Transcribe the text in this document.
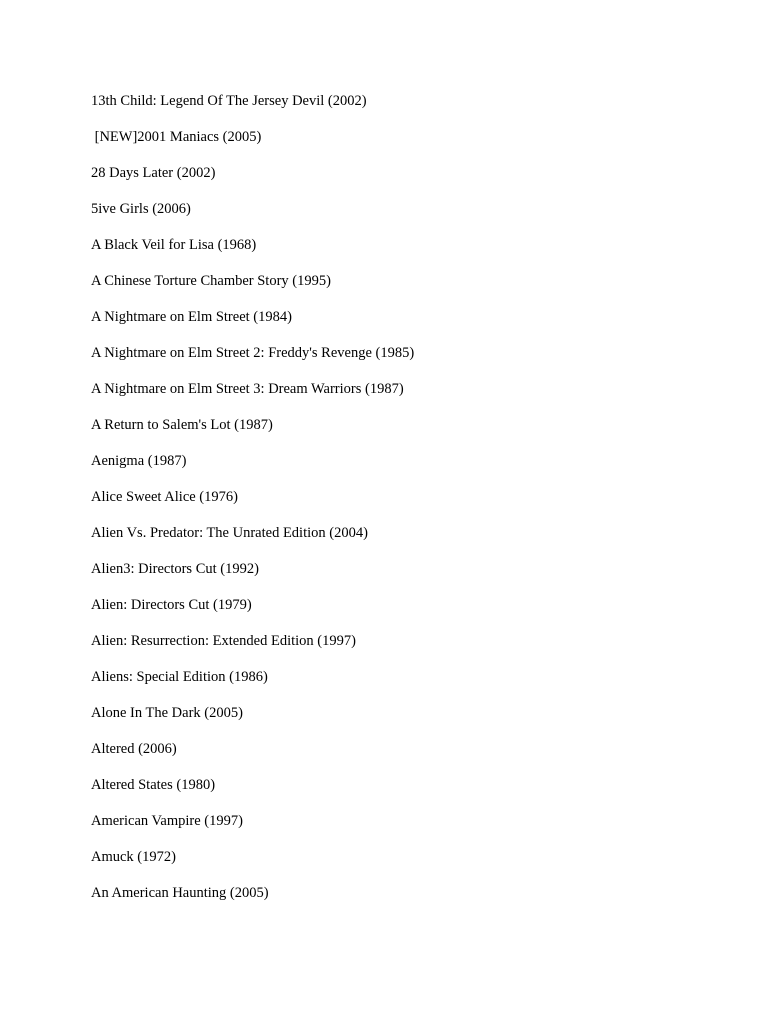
13th Child: Legend Of The Jersey Devil (2002)
[NEW]2001 Maniacs (2005)
28 Days Later (2002)
5ive Girls (2006)
A Black Veil for Lisa (1968)
A Chinese Torture Chamber Story (1995)
A Nightmare on Elm Street (1984)
A Nightmare on Elm Street 2: Freddy's Revenge (1985)
A Nightmare on Elm Street 3: Dream Warriors (1987)
A Return to Salem's Lot (1987)
Aenigma (1987)
Alice Sweet Alice (1976)
Alien Vs. Predator: The Unrated Edition (2004)
Alien3: Directors Cut (1992)
Alien: Directors Cut (1979)
Alien: Resurrection: Extended Edition (1997)
Aliens: Special Edition (1986)
Alone In The Dark (2005)
Altered (2006)
Altered States (1980)
American Vampire (1997)
Amuck (1972)
An American Haunting (2005)
